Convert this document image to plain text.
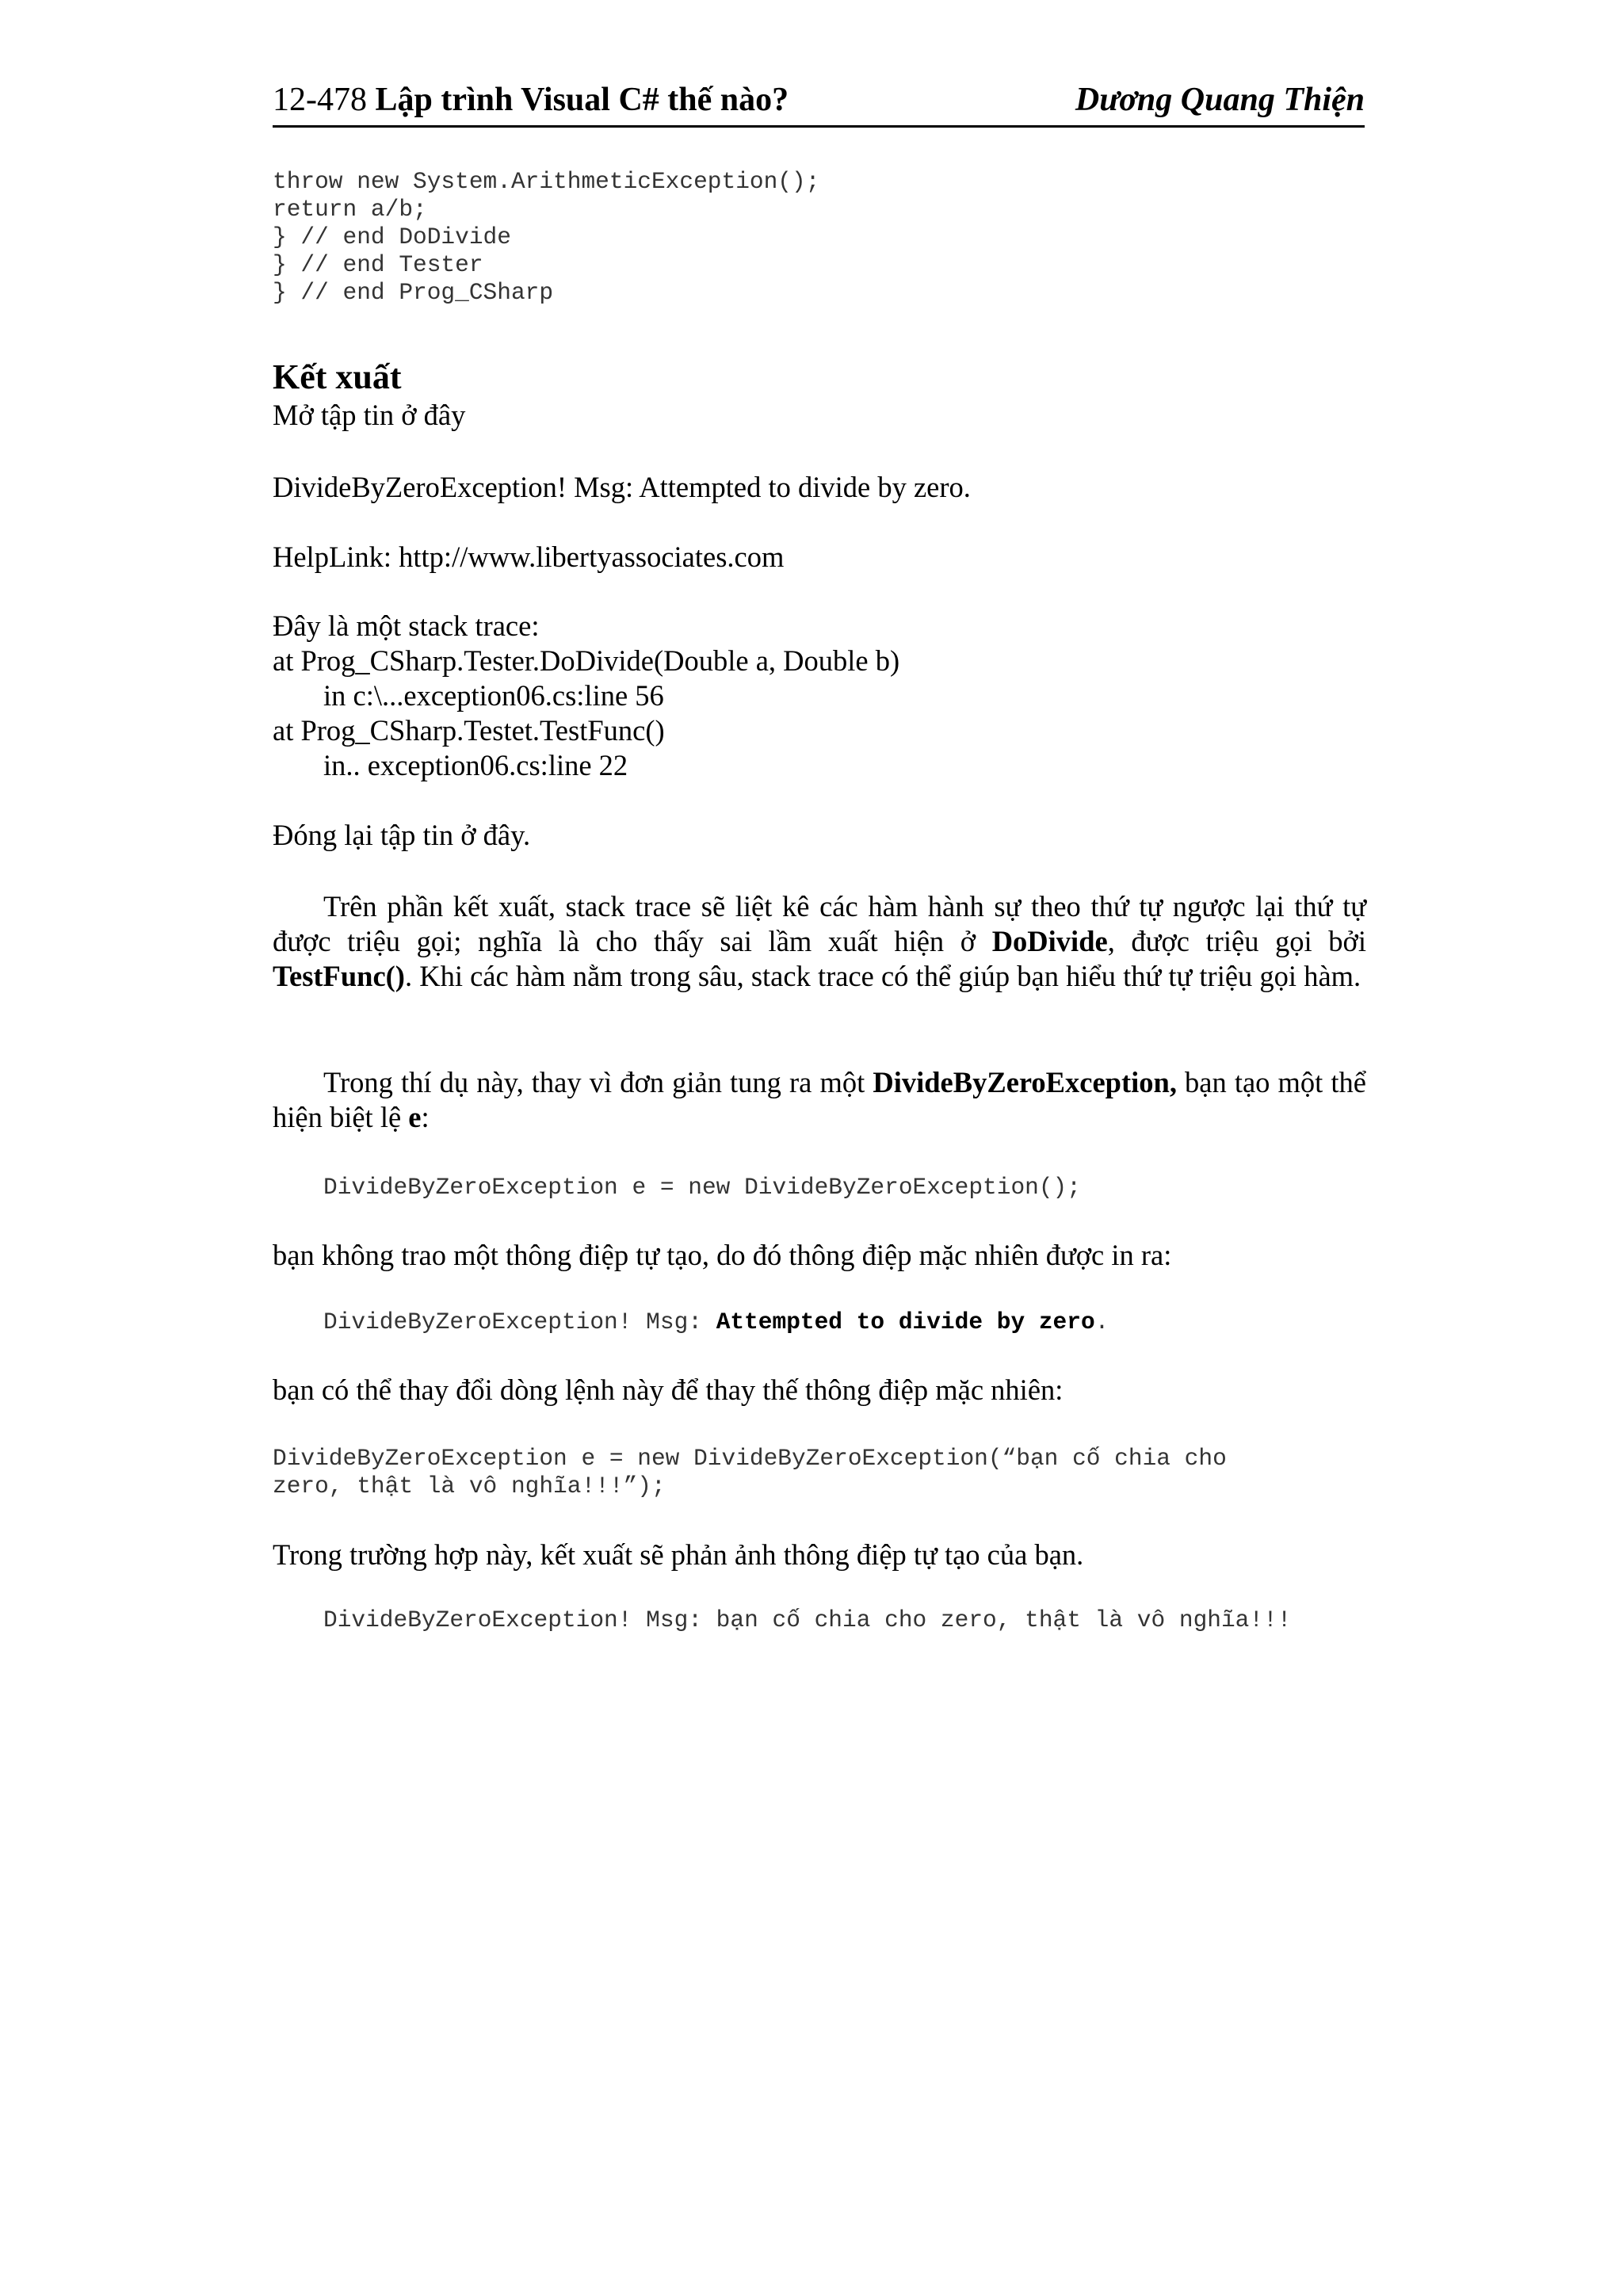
12-478 Lập trình Visual C# thế nào?	Dương Quang Thiện
throw new System.ArithmeticException();
return a/b;
} // end DoDivide
} // end Tester
} // end Prog_CSharp
Kết xuất
Mở tập tin ở đây
DivideByZeroException! Msg: Attempted to divide by zero.
HelpLink: http://www.libertyassociates.com
Đây là một stack trace:
at Prog_CSharp.Tester.DoDivide(Double a, Double b)
in c:\...exception06.cs:line 56
at Prog_CSharp.Testet.TestFunc()
in.. exception06.cs:line 22
Đóng lại tập tin ở đây.
Trên phần kết xuất, stack trace sẽ liệt kê các hàm hành sự theo thứ tự ngược lại thứ tự được triệu gọi; nghĩa là cho thấy sai lầm xuất hiện ở DoDivide, được triệu gọi bởi TestFunc(). Khi các hàm nằm trong sâu, stack trace có thể giúp bạn hiểu thứ tự triệu gọi hàm.
Trong thí dụ này, thay vì đơn giản tung ra một DivideByZeroException, bạn tạo một thể hiện biệt lệ e:
DivideByZeroException e = new DivideByZeroException();
bạn không trao một thông điệp tự tạo, do đó thông điệp mặc nhiên được in ra:
DivideByZeroException! Msg: Attempted to divide by zero.
bạn có thể thay đổi dòng lệnh này để thay thế thông điệp mặc nhiên:
DivideByZeroException e = new DivideByZeroException(“bạn cố chia cho
zero, thật là vô nghĩa!!!”);
Trong trường hợp này, kết xuất sẽ phản ảnh thông điệp tự tạo của bạn.
DivideByZeroException! Msg: bạn cố chia cho zero, thật là vô nghĩa!!!
